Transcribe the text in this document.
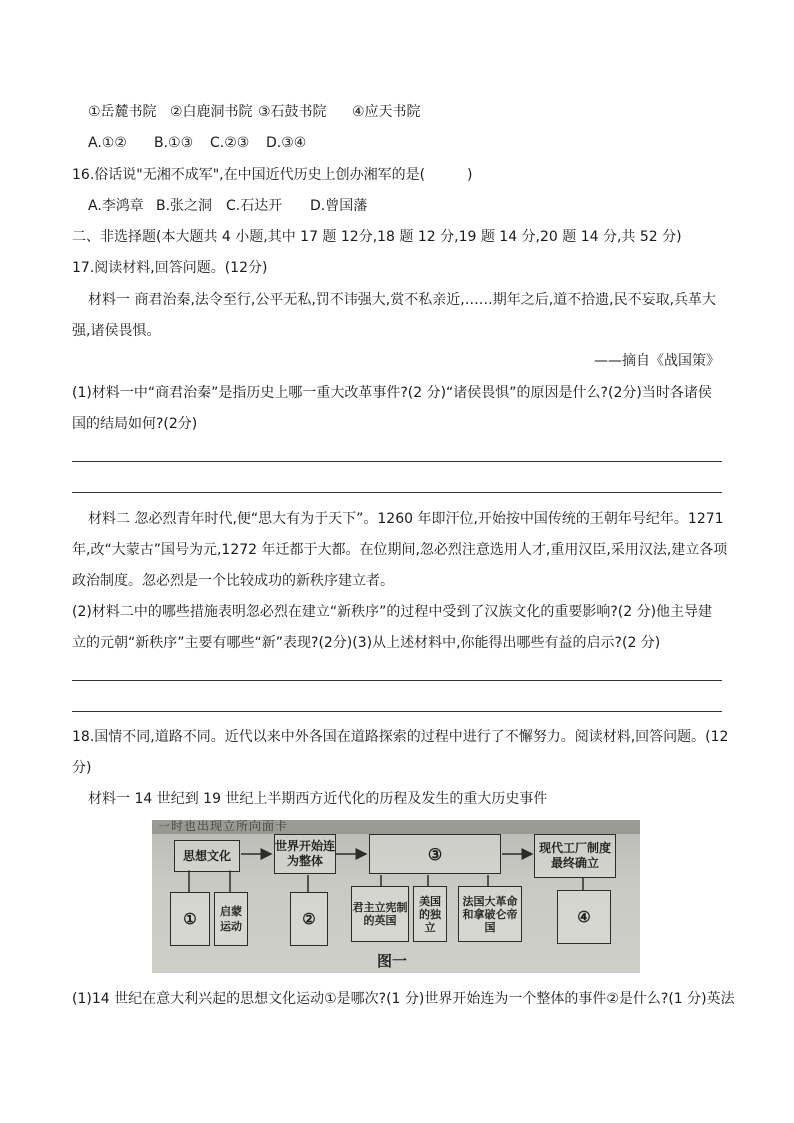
①岳麓书院 ②白鹿洞书院 ③石鼓书院 ④应天书院
A.①② B.①③ C.②③ D.③④
16.俗话说"无湘不成军",在中国近代历史上创办湘军的是(　　　)
A.李鸿章 B.张之洞 C.石达开 D.曾国藩
二、非选择题(本大题共 4 小题,其中 17 题 12分,18 题 12 分,19 题 14 分,20 题 14 分,共 52 分)
17.阅读材料,回答问题。(12分)
材料一 商君治秦,法令至行,公平无私,罚不讳强大,赏不私亲近,……期年之后,道不拾遗,民不妄取,兵革大
强,诸侯畏惧。
——摘自《战国策》
(1)材料一中“商君治秦”是指历史上哪一重大改革事件?(2 分)“诸侯畏惧”的原因是什么?(2分)当时各诸侯
国的结局如何?(2分)
材料二 忽必烈青年时代,便“思大有为于天下”。1260 年即汗位,开始按中国传统的王朝年号纪年。1271
年,改“大蒙古”国号为元,1272 年迁都于大都。在位期间,忽必烈注意选用人才,重用汉臣,采用汉法,建立各项
政治制度。忽必烈是一个比较成功的新秩序建立者。
(2)材料二中的哪些措施表明忽必烈在建立“新秩序”的过程中受到了汉族文化的重要影响?(2 分)他主导建
立的元朝“新秩序”主要有哪些“新”表现?(2分)(3)从上述材料中,你能得出哪些有益的启示?(2 分)
18.国情不同,道路不同。近代以来中外各国在道路探索的过程中进行了不懈努力。阅读材料,回答问题。(12
分)
材料一 14 世纪到 19 世纪上半期西方近代化的历程及发生的重大历史事件
一时也出现立所向面卡
思想文化
世界开始连为整体	③	现代工厂制度最终确立
①	启蒙运动	②
君主立宪制的英国
美国的独立
法国大革命和拿破仑帝国
④
图一
(1)14 世纪在意大利兴起的思想文化运动①是哪次?(1 分)世界开始连为一个整体的事件②是什么?(1 分)英法
